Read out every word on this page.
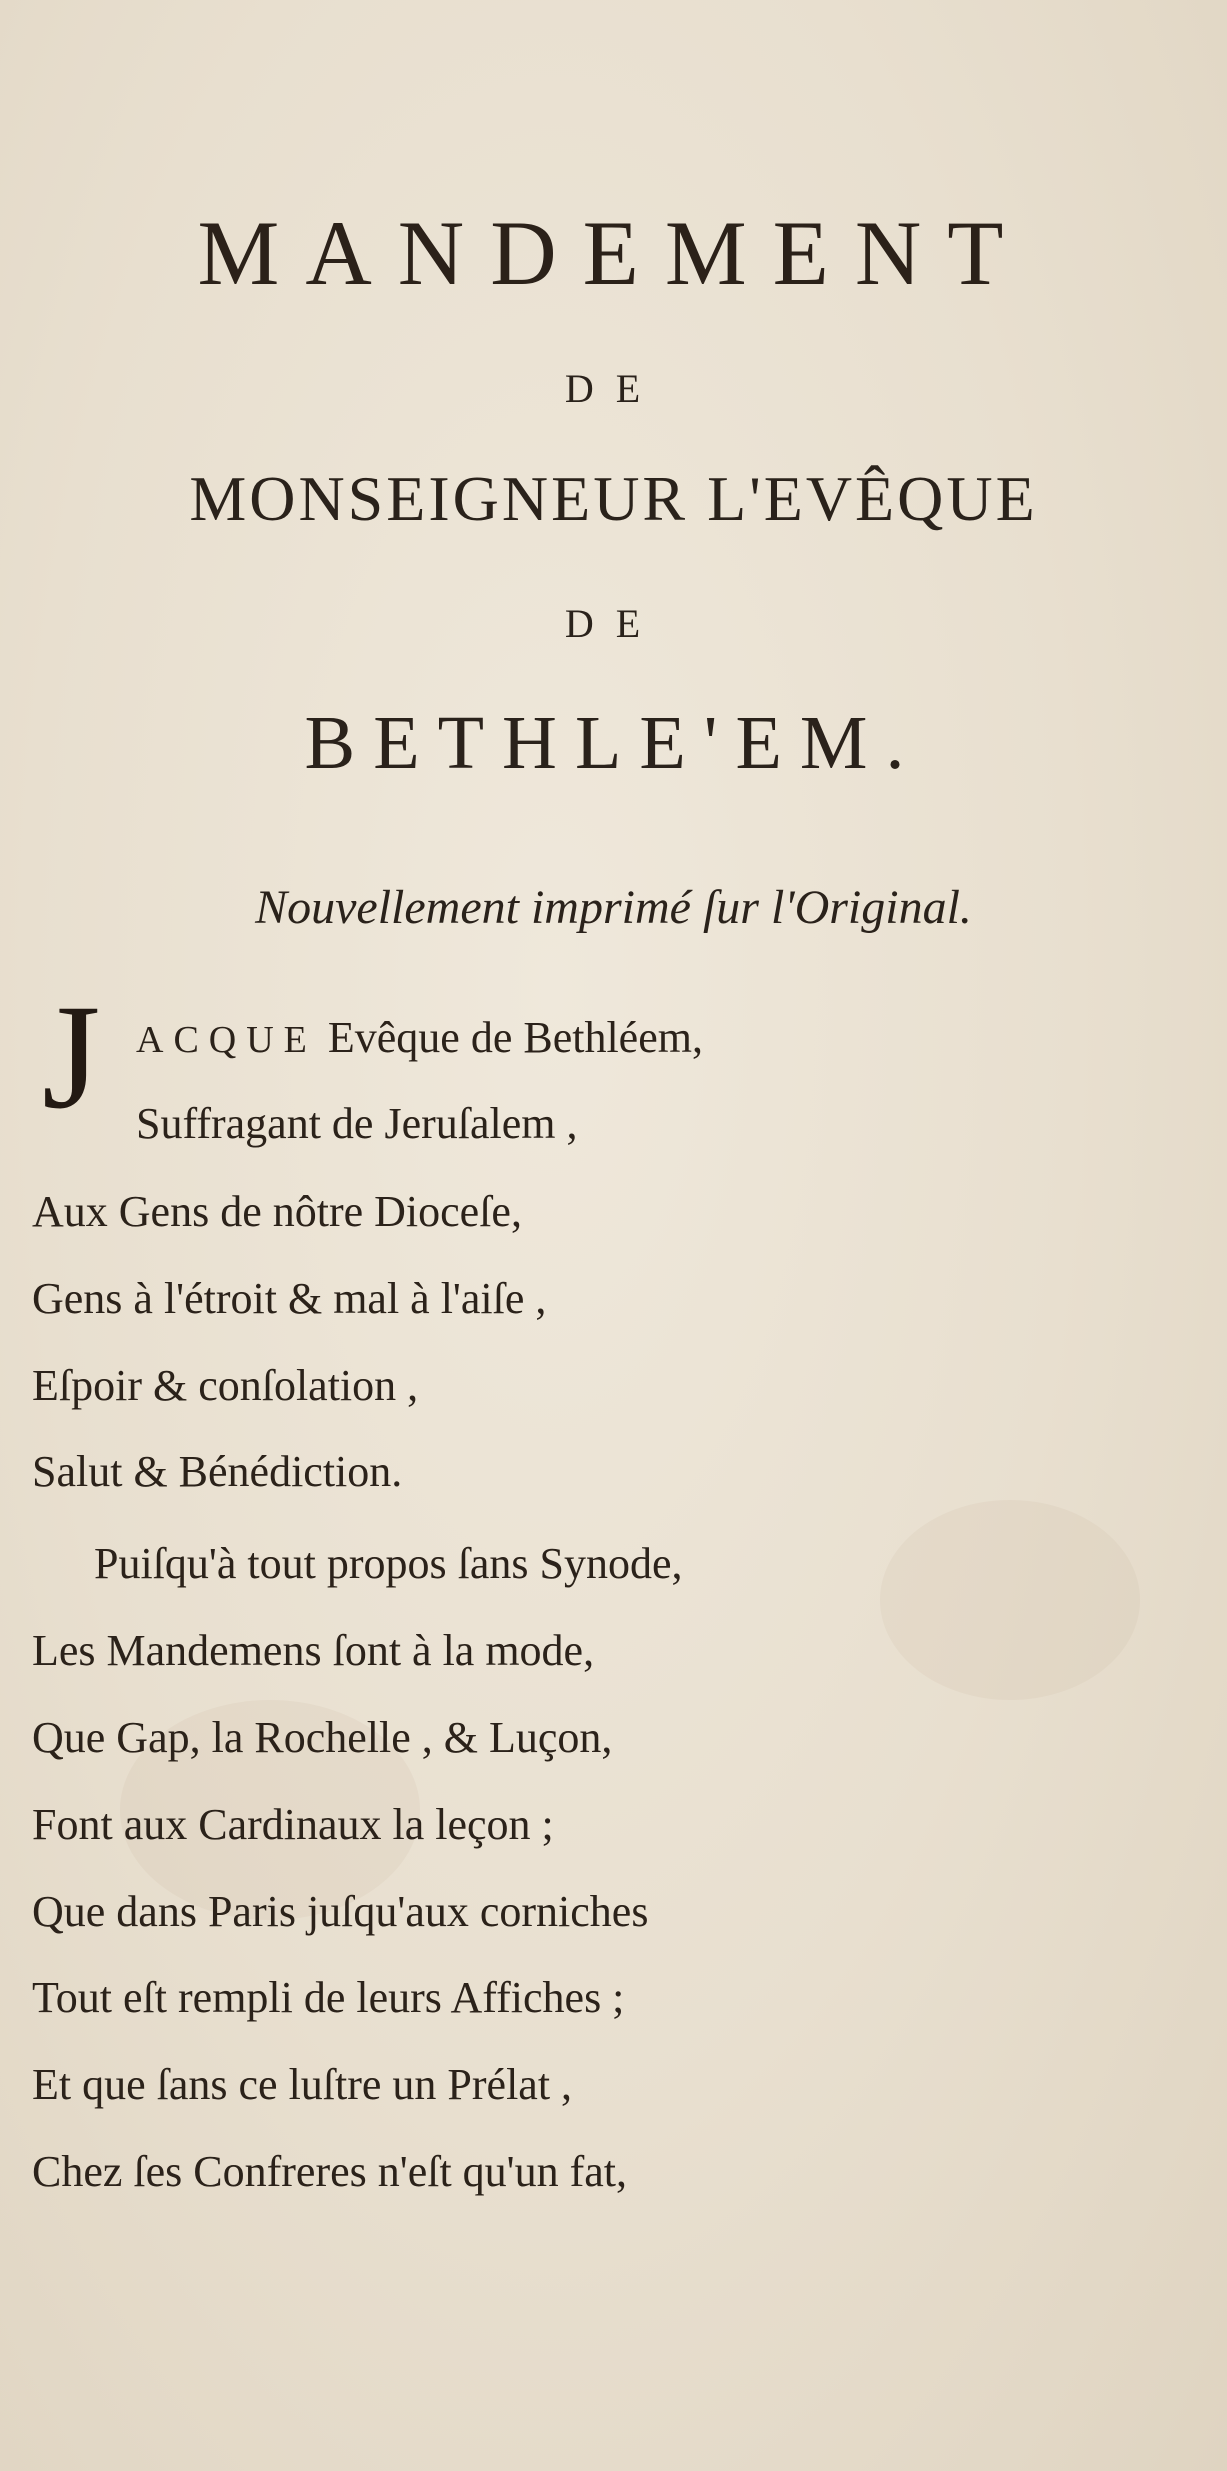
MANDEMENT
DE
MONSEIGNEUR L'EVÊQUE
DE
BETHLE'EM.
Nouvellement imprimé ſur l'Original.
J ACQUE Evêque de Bethléem,
Suffragant de Jeruſalem ,
Aux Gens de nôtre Dioceſe,
Gens à l'étroit & mal à l'aiſe ,
Eſpoir & conſolation ,
Salut & Bénédiction.
Puiſqu'à tout propos ſans Synode,
Les Mandemens ſont à la mode,
Que Gap, la Rochelle , & Luçon,
Font aux Cardinaux la leçon ;
Que dans Paris juſqu'aux corniches
Tout eſt rempli de leurs Affiches ;
Et que ſans ce luſtre un Prélat ,
Chez ſes Confreres n'eſt qu'un fat,
